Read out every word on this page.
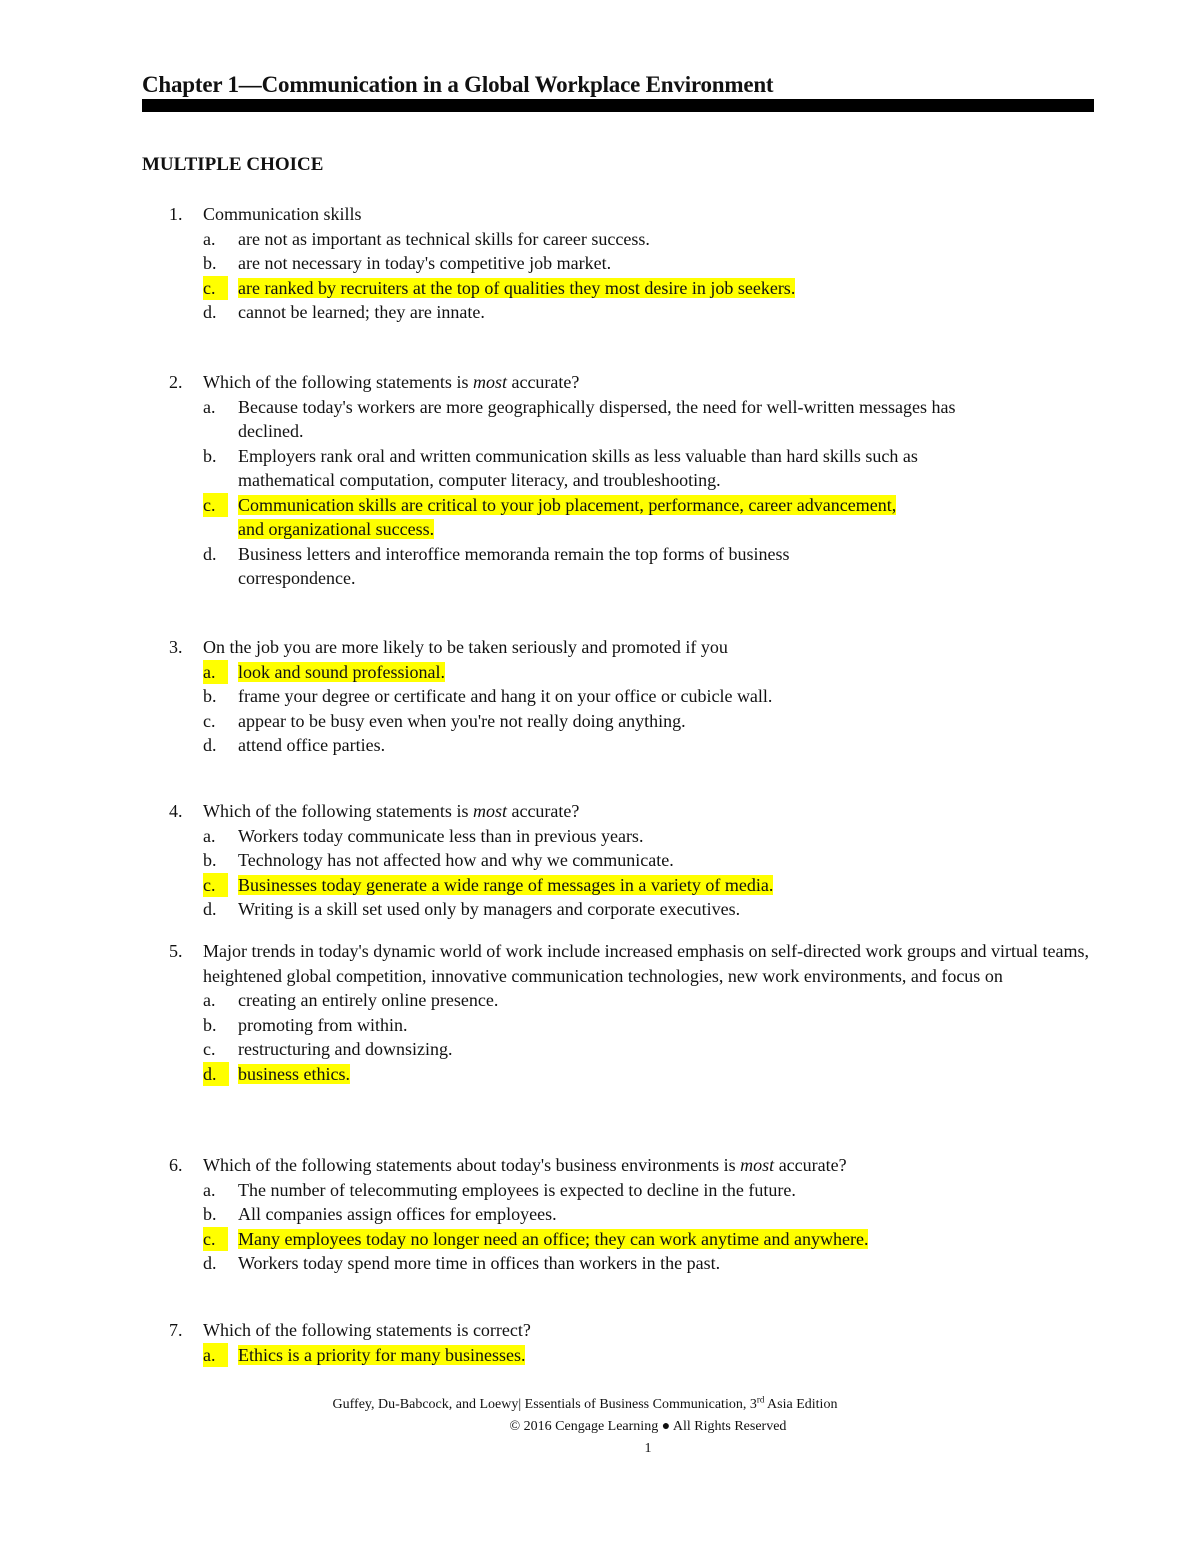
Chapter 1—Communication in a Global Workplace Environment
MULTIPLE CHOICE
1. Communication skills
a. are not as important as technical skills for career success.
b. are not necessary in today's competitive job market.
c.	are ranked by recruiters at the top of qualities they most desire in job seekers.
d. cannot be learned; they are innate.
2. Which of the following statements is most accurate?
a. Because today's workers are more geographically dispersed, the need for well-written messages has declined.
b. Employers rank oral and written communication skills as less valuable than hard skills such as mathematical computation, computer literacy, and troubleshooting.
c.	Communication skills are critical to your job placement, performance, career advancement, and organizational success.
d. Business letters and interoffice memoranda remain the top forms of business correspondence.
3. On the job you are more likely to be taken seriously and promoted if you
a.	look and sound professional.
b. frame your degree or certificate and hang it on your office or cubicle wall.
c. appear to be busy even when you're not really doing anything.
d. attend office parties.
4. Which of the following statements is most accurate?
a. Workers today communicate less than in previous years.
b. Technology has not affected how and why we communicate.
c.	Businesses today generate a wide range of messages in a variety of media.
d. Writing is a skill set used only by managers and corporate executives.
5. Major trends in today's dynamic world of work include increased emphasis on self-directed work groups and virtual teams, heightened global competition, innovative communication technologies, new work environments, and focus on
a. creating an entirely online presence.
b. promoting from within.
c. restructuring and downsizing.
d.	business ethics.
6. Which of the following statements about today's business environments is most accurate?
a. The number of telecommuting employees is expected to decline in the future.
b. All companies assign offices for employees.
c.	Many employees today no longer need an office; they can work anytime and anywhere.
d. Workers today spend more time in offices than workers in the past.
7. Which of the following statements is correct?
a.	Ethics is a priority for many businesses.
Guffey, Du-Babcock, and Loewy| Essentials of Business Communication, 3rd Asia Edition
© 2016 Cengage Learning ● All Rights Reserved
1
